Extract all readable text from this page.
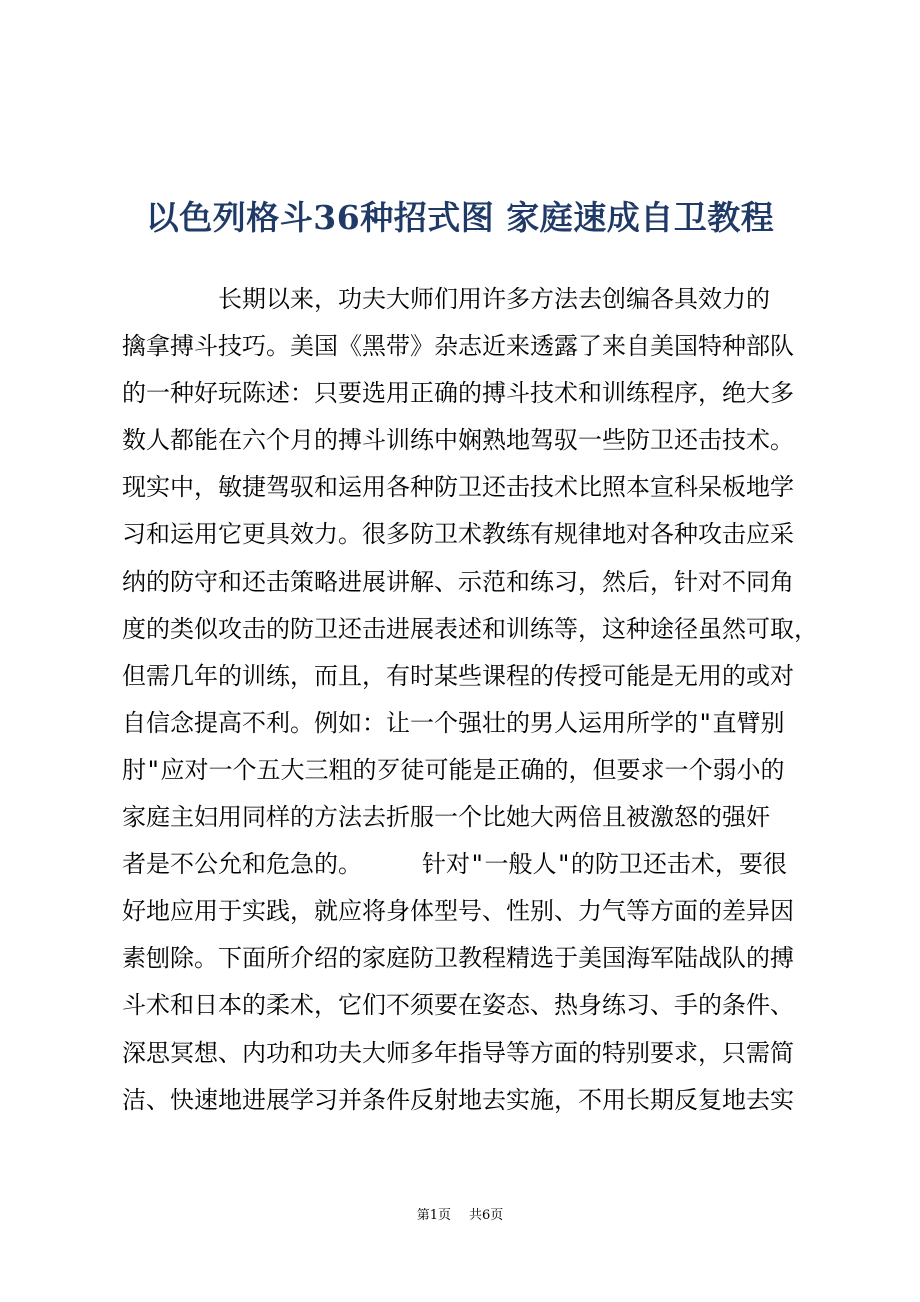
以色列格斗36种招式图 家庭速成自卫教程
　　　　长期以来，功夫大师们用许多方法去创编各具效力的
擒拿搏斗技巧。美国《黑带》杂志近来透露了来自美国特种部队
的一种好玩陈述：只要选用正确的搏斗技术和训练程序，绝大多
数人都能在六个月的搏斗训练中娴熟地驾驭一些防卫还击技术。
现实中，敏捷驾驭和运用各种防卫还击技术比照本宣科呆板地学
习和运用它更具效力。很多防卫术教练有规律地对各种攻击应采
纳的防守和还击策略进展讲解、示范和练习，然后，针对不同角
度的类似攻击的防卫还击进展表述和训练等，这种途径虽然可取，
但需几年的训练，而且，有时某些课程的传授可能是无用的或对
自信念提高不利。例如：让一个强壮的男人运用所学的"直臂别
肘"应对一个五大三粗的歹徒可能是正确的，但要求一个弱小的
家庭主妇用同样的方法去折服一个比她大两倍且被激怒的强奸
者是不公允和危急的。　　　针对"一般人"的防卫还击术，要很
好地应用于实践，就应将身体型号、性别、力气等方面的差异因
素刨除。下面所介绍的家庭防卫教程精选于美国海军陆战队的搏
斗术和日本的柔术，它们不须要在姿态、热身练习、手的条件、
深思冥想、内功和功夫大师多年指导等方面的特别要求，只需简
洁、快速地进展学习并条件反射地去实施，不用长期反复地去实
第1页 共6页
